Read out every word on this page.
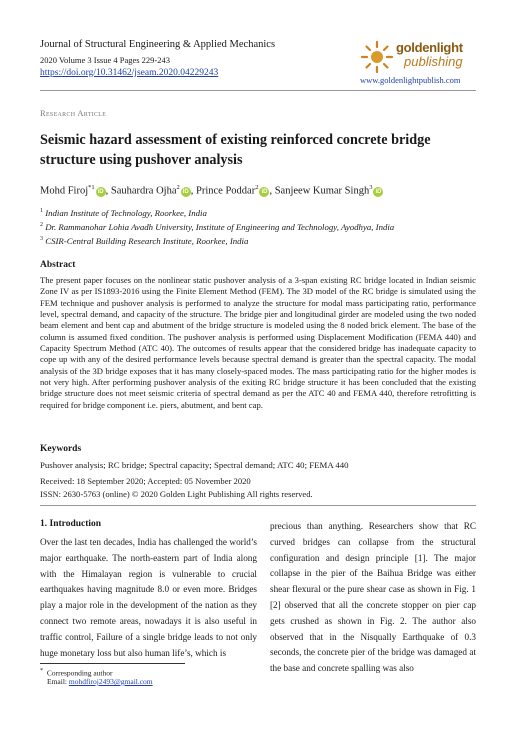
Journal of Structural Engineering & Applied Mechanics
2020 Volume 3 Issue 4 Pages 229-243
https://doi.org/10.31462/jseam.2020.04229243
goldenlight
publishing
www.goldenlightpublish.com
Research Article
Seismic hazard assessment of existing reinforced concrete bridge structure using pushover analysis
Mohd Firoj$^{*1}$iD , Sauhardra Ojha$^2$iD , Prince Poddar$^2$iD , Sanjeew Kumar Singh$^3$iD
$^1$ Indian Institute of Technology, Roorkee, India
$^2$ Dr. Rammanohar Lohia Avadh University, Institute of Engineering and Technology, Ayodhya, India
$^3$ CSIR-Central Building Research Institute, Roorkee, India
Abstract
The present paper focuses on the nonlinear static pushover analysis of a 3-span existing RC bridge located in Indian seismic Zone IV as per IS1893-2016 using the Finite Element Method (FEM). The 3D model of the RC bridge is simulated using the FEM technique and pushover analysis is performed to analyze the structure for modal mass participating ratio, performance level, spectral demand, and capacity of the structure. The bridge pier and longitudinal girder are modeled using the two noded beam element and bent cap and abutment of the bridge structure is modeled using the 8 noded brick element. The base of the column is assumed fixed condition. The pushover analysis is performed using Displacement Modification (FEMA 440) and Capacity Spectrum Method (ATC 40). The outcomes of results appear that the considered bridge has inadequate capacity to cope up with any of the desired performance levels because spectral demand is greater than the spectral capacity. The modal analysis of the 3D bridge exposes that it has many closely-spaced modes. The mass participating ratio for the higher modes is not very high. After performing pushover analysis of the exiting RC bridge structure it has been concluded that the existing bridge structure does not meet seismic criteria of spectral demand as per the ATC 40 and FEMA 440, therefore retrofitting is required for bridge component i.e. piers, abutment, and bent cap.
Keywords
Pushover analysis; RC bridge; Spectral capacity; Spectral demand; ATC 40; FEMA 440
Received: 18 September 2020; Accepted: 05 November 2020
ISSN: 2630-5763 (online) © 2020 Golden Light Publishing All rights reserved.
1. Introduction
Over the last ten decades, India has challenged the world’s major earthquake. The north-eastern part of India along with the Himalayan region is vulnerable to crucial earthquakes having magnitude 8.0 or even more. Bridges play a major role in the development of the nation as they connect two remote areas, nowadays it is also useful in traffic control, Failure of a single bridge leads to not only huge monetary loss but also human life’s, which is
precious than anything. Researchers show that RC curved bridges can collapse from the structural configuration and design principle [1]. The major collapse in the pier of the Baihua Bridge was either shear flexural or the pure shear case as shown in Fig. 1 [2] observed that all the concrete stopper on pier cap gets crushed as shown in Fig. 2. The author also observed that in the Nisqually Earthquake of 0.3 seconds, the concrete pier of the bridge was damaged at the base and concrete spalling was also
* Corresponding author
Email: mohdfiroj2493@gmail.com
